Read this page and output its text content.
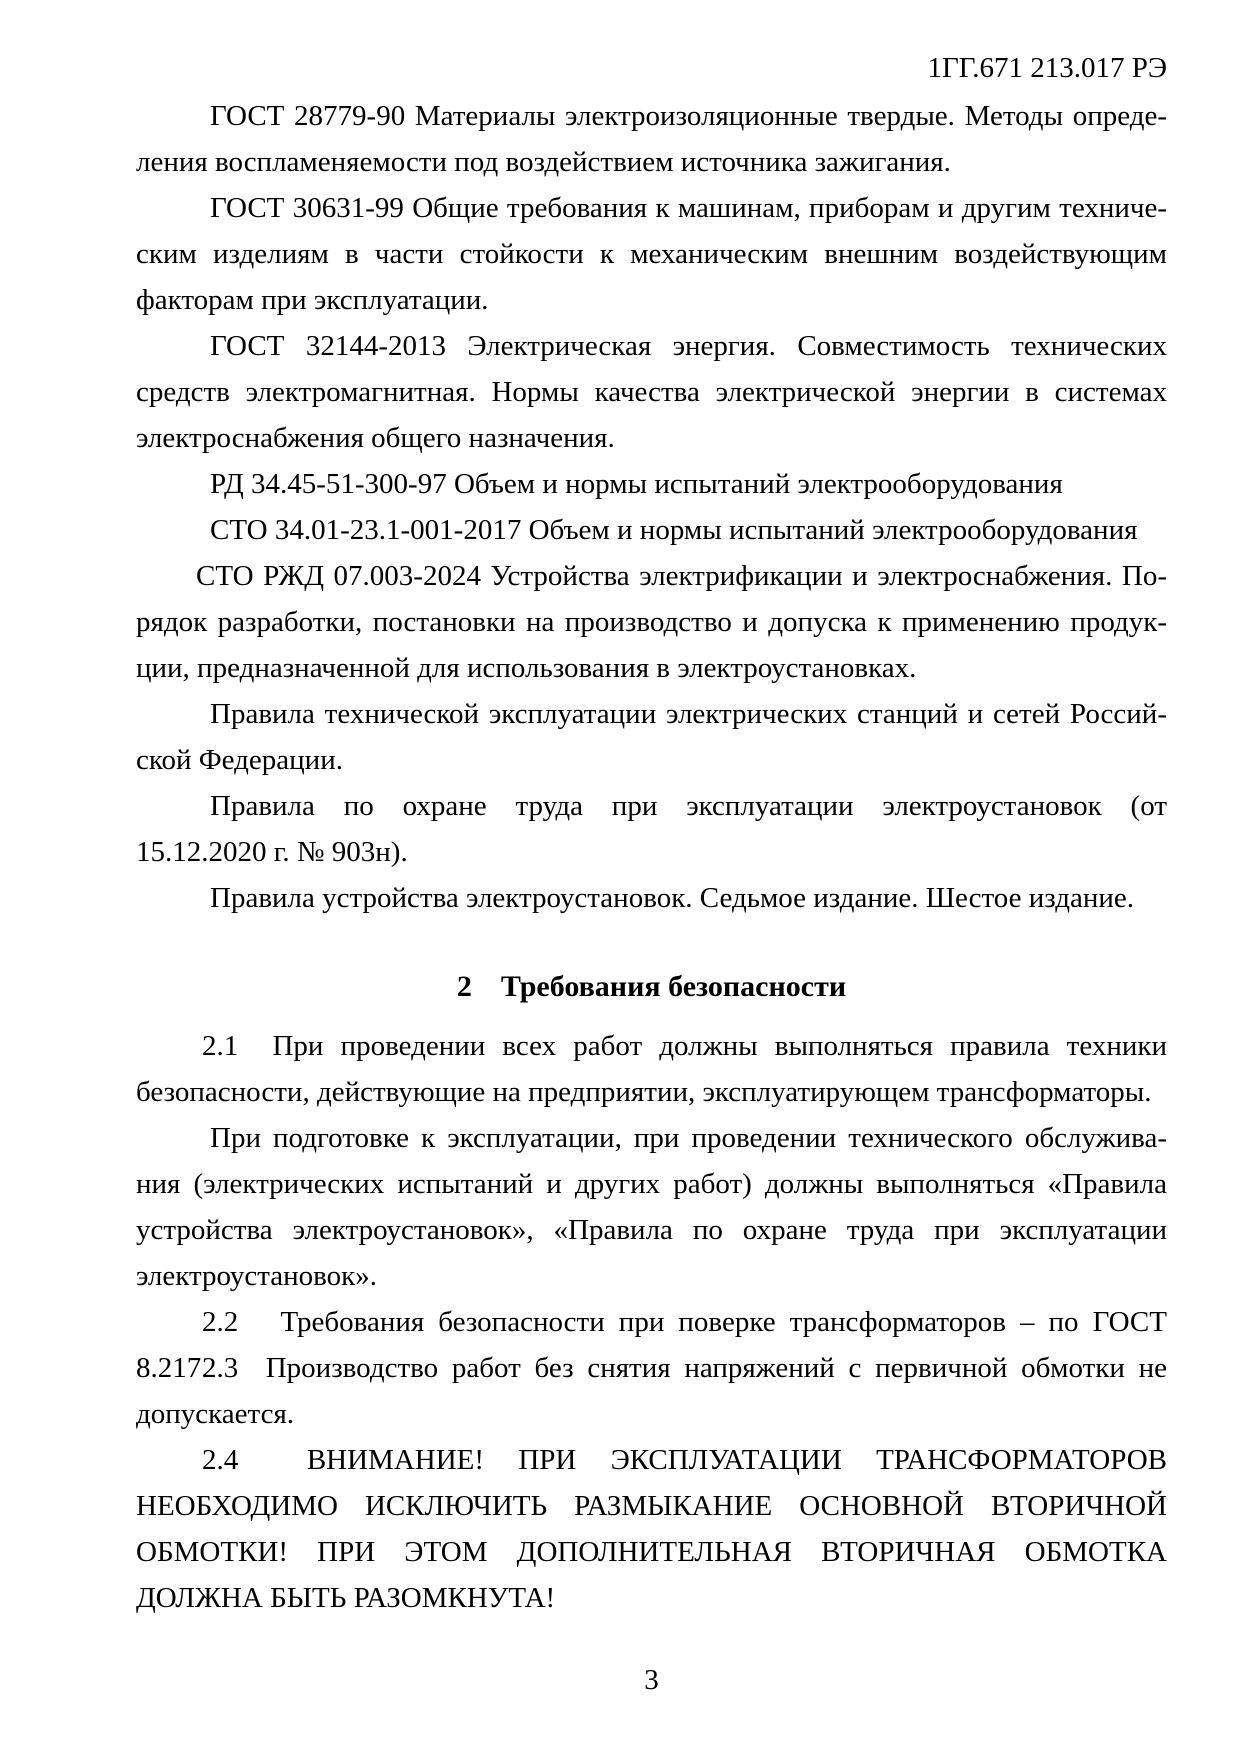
1ГГ.671 213.017 РЭ
ГОСТ 28779-90 Материалы электроизоляционные твердые. Методы опреде-
ления воспламеняемости под воздействием источника зажигания.
ГОСТ 30631-99 Общие требования к машинам, приборам и другим техниче-
ским изделиям в части стойкости к механическим внешним воздействующим
факторам при эксплуатации.
ГОСТ 32144-2013 Электрическая энергия. Совместимость технических
средств электромагнитная. Нормы качества электрической энергии в системах
электроснабжения общего назначения.
РД 34.45-51-300-97 Объем и нормы испытаний электрооборудования
СТО 34.01-23.1-001-2017 Объем и нормы испытаний электрооборудования
СТО РЖД 07.003-2024 Устройства электрификации и электроснабжения. По-
рядок разработки, постановки на производство и допуска к применению продук-
ции, предназначенной для использования в электроустановках.
Правила технической эксплуатации электрических станций и сетей Россий-
ской Федерации.
Правила по охране труда при эксплуатации электроустановок (от
15.12.2020 г. № 903н).
Правила устройства электроустановок. Седьмое издание. Шестое издание.
2 Требования безопасности
2.1  При проведении всех работ должны выполняться правила техники
безопасности, действующие на предприятии, эксплуатирующем трансформаторы.
При подготовке к эксплуатации, при проведении технического обслужива-
ния (электрических испытаний и других работ) должны выполняться «Правила
устройства электроустановок», «Правила по охране труда при эксплуатации
электроустановок».
2.2   Требования безопасности при поверке трансформаторов – по ГОСТ 8.217.
2.3  Производство работ без снятия напряжений с первичной обмотки не
допускается.
2.4  ВНИМАНИЕ! ПРИ ЭКСПЛУАТАЦИИ ТРАНСФОРМАТОРОВ
НЕОБХОДИМО ИСКЛЮЧИТЬ РАЗМЫКАНИЕ ОСНОВНОЙ ВТОРИЧНОЙ
ОБМОТКИ! ПРИ ЭТОМ ДОПОЛНИТЕЛЬНАЯ ВТОРИЧНАЯ ОБМОТКА
ДОЛЖНА БЫТЬ РАЗОМКНУТА!
3
